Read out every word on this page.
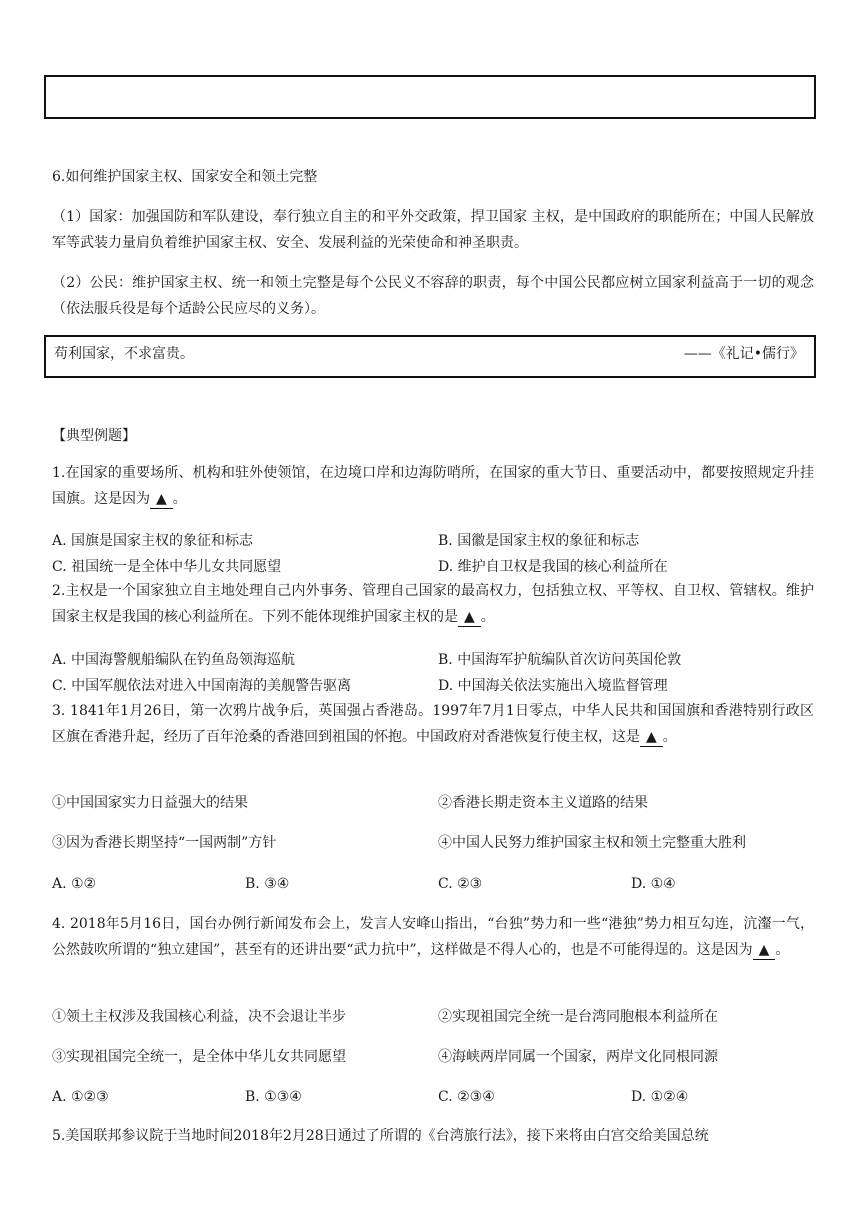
6.如何维护国家主权、国家安全和领土完整
（1）国家：加强国防和军队建设，奉行独立自主的和平外交政策，捍卫国家 主权，是中国政府的职能所在；中国人民解放军等武装力量肩负着维护国家主权、安全、发展利益的光荣使命和神圣职责。
（2）公民：维护国家主权、统一和领土完整是每个公民义不容辞的职责，每个中国公民都应树立国家利益高于一切的观念（依法服兵役是每个适龄公民应尽的义务）。
苟利国家，不求富贵。	——《礼记•儒行》
【典型例题】
1.在国家的重要场所、机构和驻外使领馆，在边境口岸和边海防哨所，在国家的重大节日、重要活动中，都要按照规定升挂国旗。这是因为 ▲ 。
A. 国旗是国家主权的象征和标志	B. 国徽是国家主权的象征和标志
C. 祖国统一是全体中华儿女共同愿望	D. 维护自卫权是我国的核心利益所在
2.主权是一个国家独立自主地处理自己内外事务、管理自己国家的最高权力，包括独立权、平等权、自卫权、管辖权。维护国家主权是我国的核心利益所在。下列不能体现维护国家主权的是 ▲ 。
A. 中国海警舰船编队在钓鱼岛领海巡航	B. 中国海军护航编队首次访问英国伦敦
C. 中国军舰依法对进入中国南海的美舰警告驱离	D. 中国海关依法实施出入境监督管理
3. 1841年1月26日，第一次鸦片战争后，英国强占香港岛。1997年7月1日零点，中华人民共和国国旗和香港特别行政区区旗在香港升起，经历了百年沧桑的香港回到祖国的怀抱。中国政府对香港恢复行使主权，这是 ▲ 。
①中国国家实力日益强大的结果	②香港长期走资本主义道路的结果
③因为香港长期坚持“一国两制”方针	④中国人民努力维护国家主权和领土完整重大胜利
A. ①②	B. ③④	C. ②③	D. ①④
4. 2018年5月16日，国台办例行新闻发布会上，发言人安峰山指出，“台独”势力和一些“港独”势力相互勾连，沆瀣一气，公然鼓吹所谓的“独立建国”，甚至有的还讲出要“武力抗中”，这样做是不得人心的，也是不可能得逞的。这是因为 ▲ 。
①领土主权涉及我国核心利益，决不会退让半步	②实现祖国完全统一是台湾同胞根本利益所在
③实现祖国完全统一，是全体中华儿女共同愿望	④海峡两岸同属一个国家，两岸文化同根同源
A. ①②③	B. ①③④	C. ②③④	D. ①②④
5.美国联邦参议院于当地时间2018年2月28日通过了所谓的《台湾旅行法》，接下来将由白宫交给美国总统
